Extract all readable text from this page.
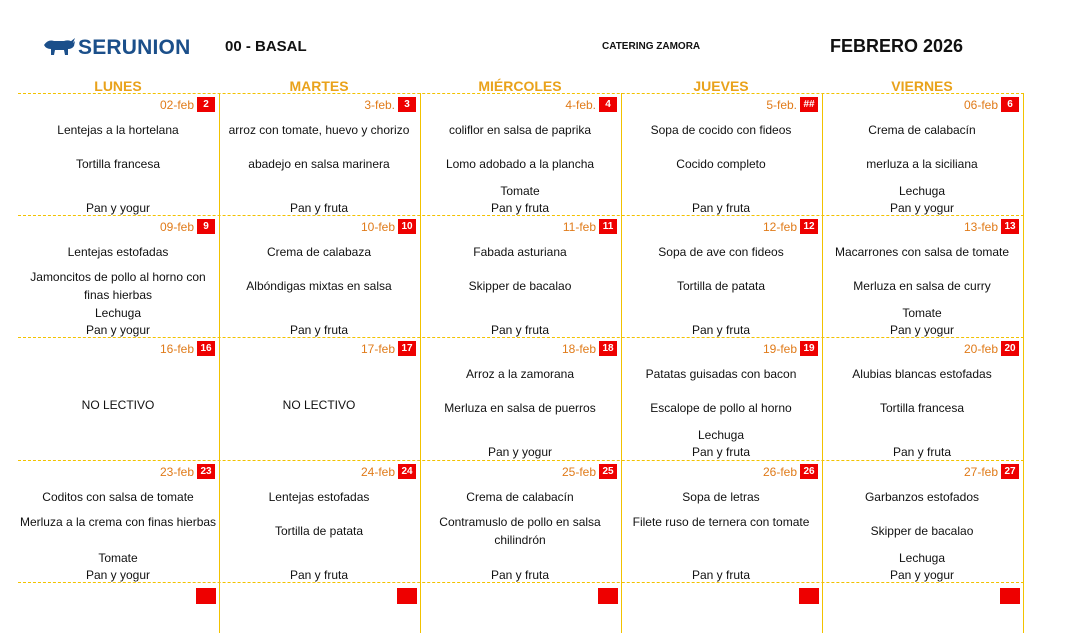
SERUNION 00 - BASAL	CATERING ZAMORA	FEBRERO 2026
LUNES	MARTES	MIÉRCOLES	JUEVES	VIERNES
02-feb 2
Lentejas a la hortelana
Tortilla francesa
Pan y yogur
3-feb. 3
arroz con tomate, huevo y chorizo
abadejo en salsa marinera
Pan y fruta
4-feb. 4
coliflor en salsa de paprika
Lomo adobado a la plancha
Tomate
Pan y fruta
5-feb. ##
Sopa de cocido con fideos
Cocido completo
Pan y fruta
06-feb 6
Crema de calabacín
merluza a la siciliana
Lechuga
Pan y yogur
09-feb 9
Lentejas estofadas
Jamoncitos de pollo al horno con finas hierbas
Lechuga
Pan y yogur
10-feb 10
Crema de calabaza
Albóndigas mixtas en salsa
Pan y fruta
11-feb 11
Fabada asturiana
Skipper de bacalao
Pan y fruta
12-feb 12
Sopa de ave con fideos
Tortilla de patata
Pan y fruta
13-feb 13
Macarrones con salsa de tomate
Merluza en salsa de curry
Tomate
Pan y yogur
16-feb 16
NO LECTIVO
17-feb 17
NO LECTIVO
18-feb 18
Arroz a la zamorana
Merluza en salsa de puerros
Pan y yogur
19-feb 19
Patatas guisadas con bacon
Escalope de pollo al horno
Lechuga
Pan y fruta
20-feb 20
Alubias blancas estofadas
Tortilla francesa
Pan y fruta
23-feb 23
Coditos con salsa de tomate
Merluza a la crema con finas hierbas
Tomate
Pan y yogur
24-feb 24
Lentejas estofadas
Tortilla de patata
Pan y fruta
25-feb 25
Crema de calabacín
Contramuslo de pollo en salsa chilindrón
Pan y fruta
26-feb 26
Sopa de letras
Filete ruso de ternera con tomate
Pan y fruta
27-feb 27
Garbanzos estofados
Skipper de bacalao
Lechuga
Pan y yogur
